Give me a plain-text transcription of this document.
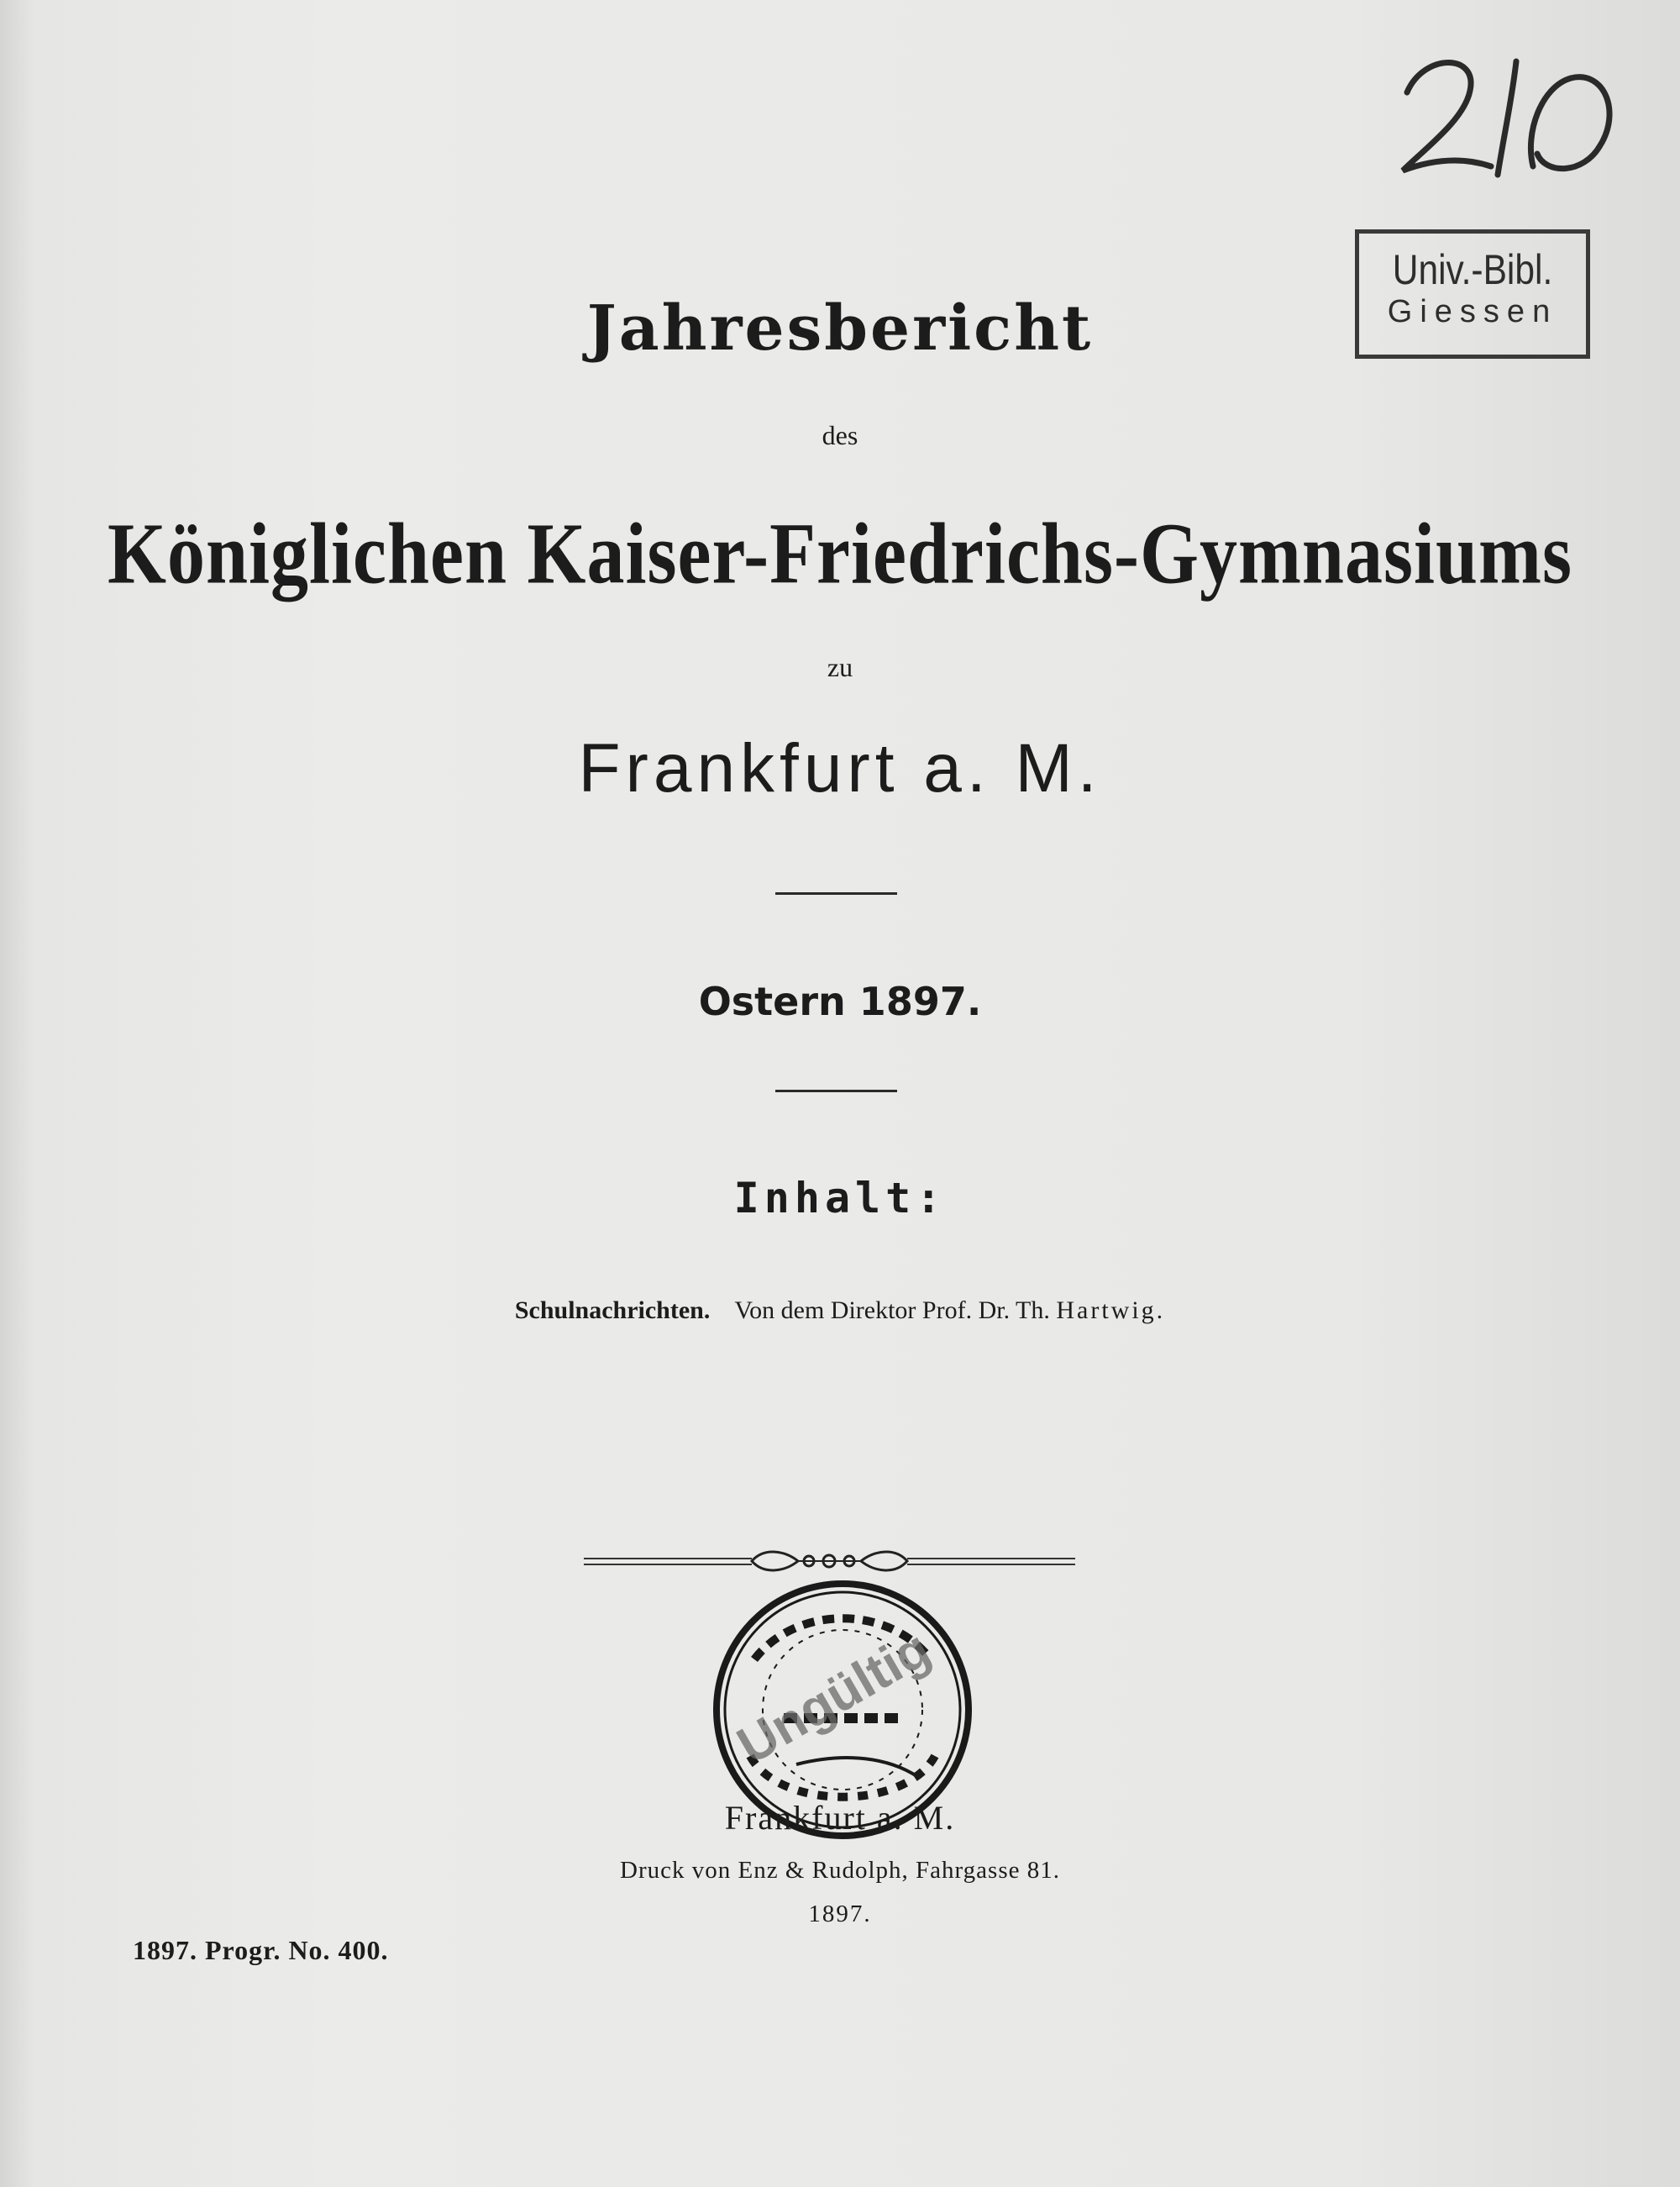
Univ.-Bibl.
Giessen
Jahresbericht
des
Königlichen Kaiser-Friedrichs-Gymnasiums
zu
Frankfurt a. M.
Ostern 1897.
Inhalt:
Schulnachrichten. Von dem Direktor Prof. Dr. Th. Hartwig.
Ungültig
Frankfurt a. M.
Druck von Enz & Rudolph, Fahrgasse 81.
1897.
1897. Progr. No. 400.
